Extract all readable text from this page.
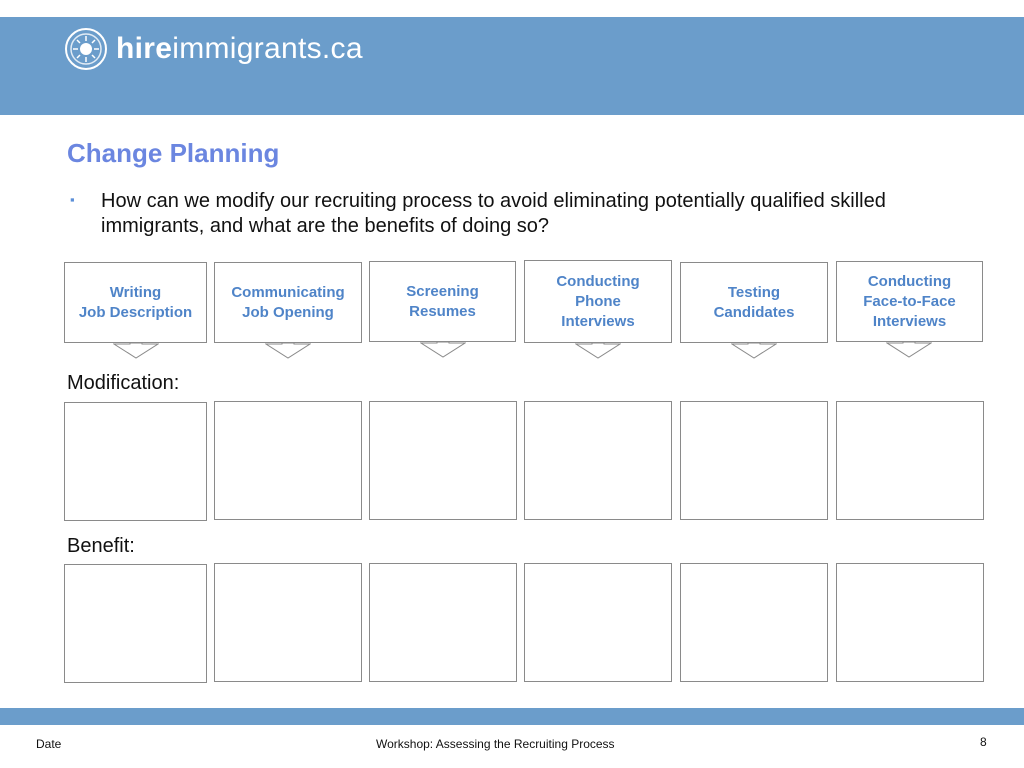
hireimmigrants.ca
Change Planning
▪	How can we modify our recruiting process to avoid eliminating potentially qualified skilled immigrants, and what are the benefits of doing so?
Writing
Job Description
Communicating
Job Opening
Screening
Resumes
Conducting
Phone
Interviews
Testing
Candidates
Conducting
Face-to-Face
Interviews
Modification:
Benefit:
Date	Workshop: Assessing the Recruiting Process	8
